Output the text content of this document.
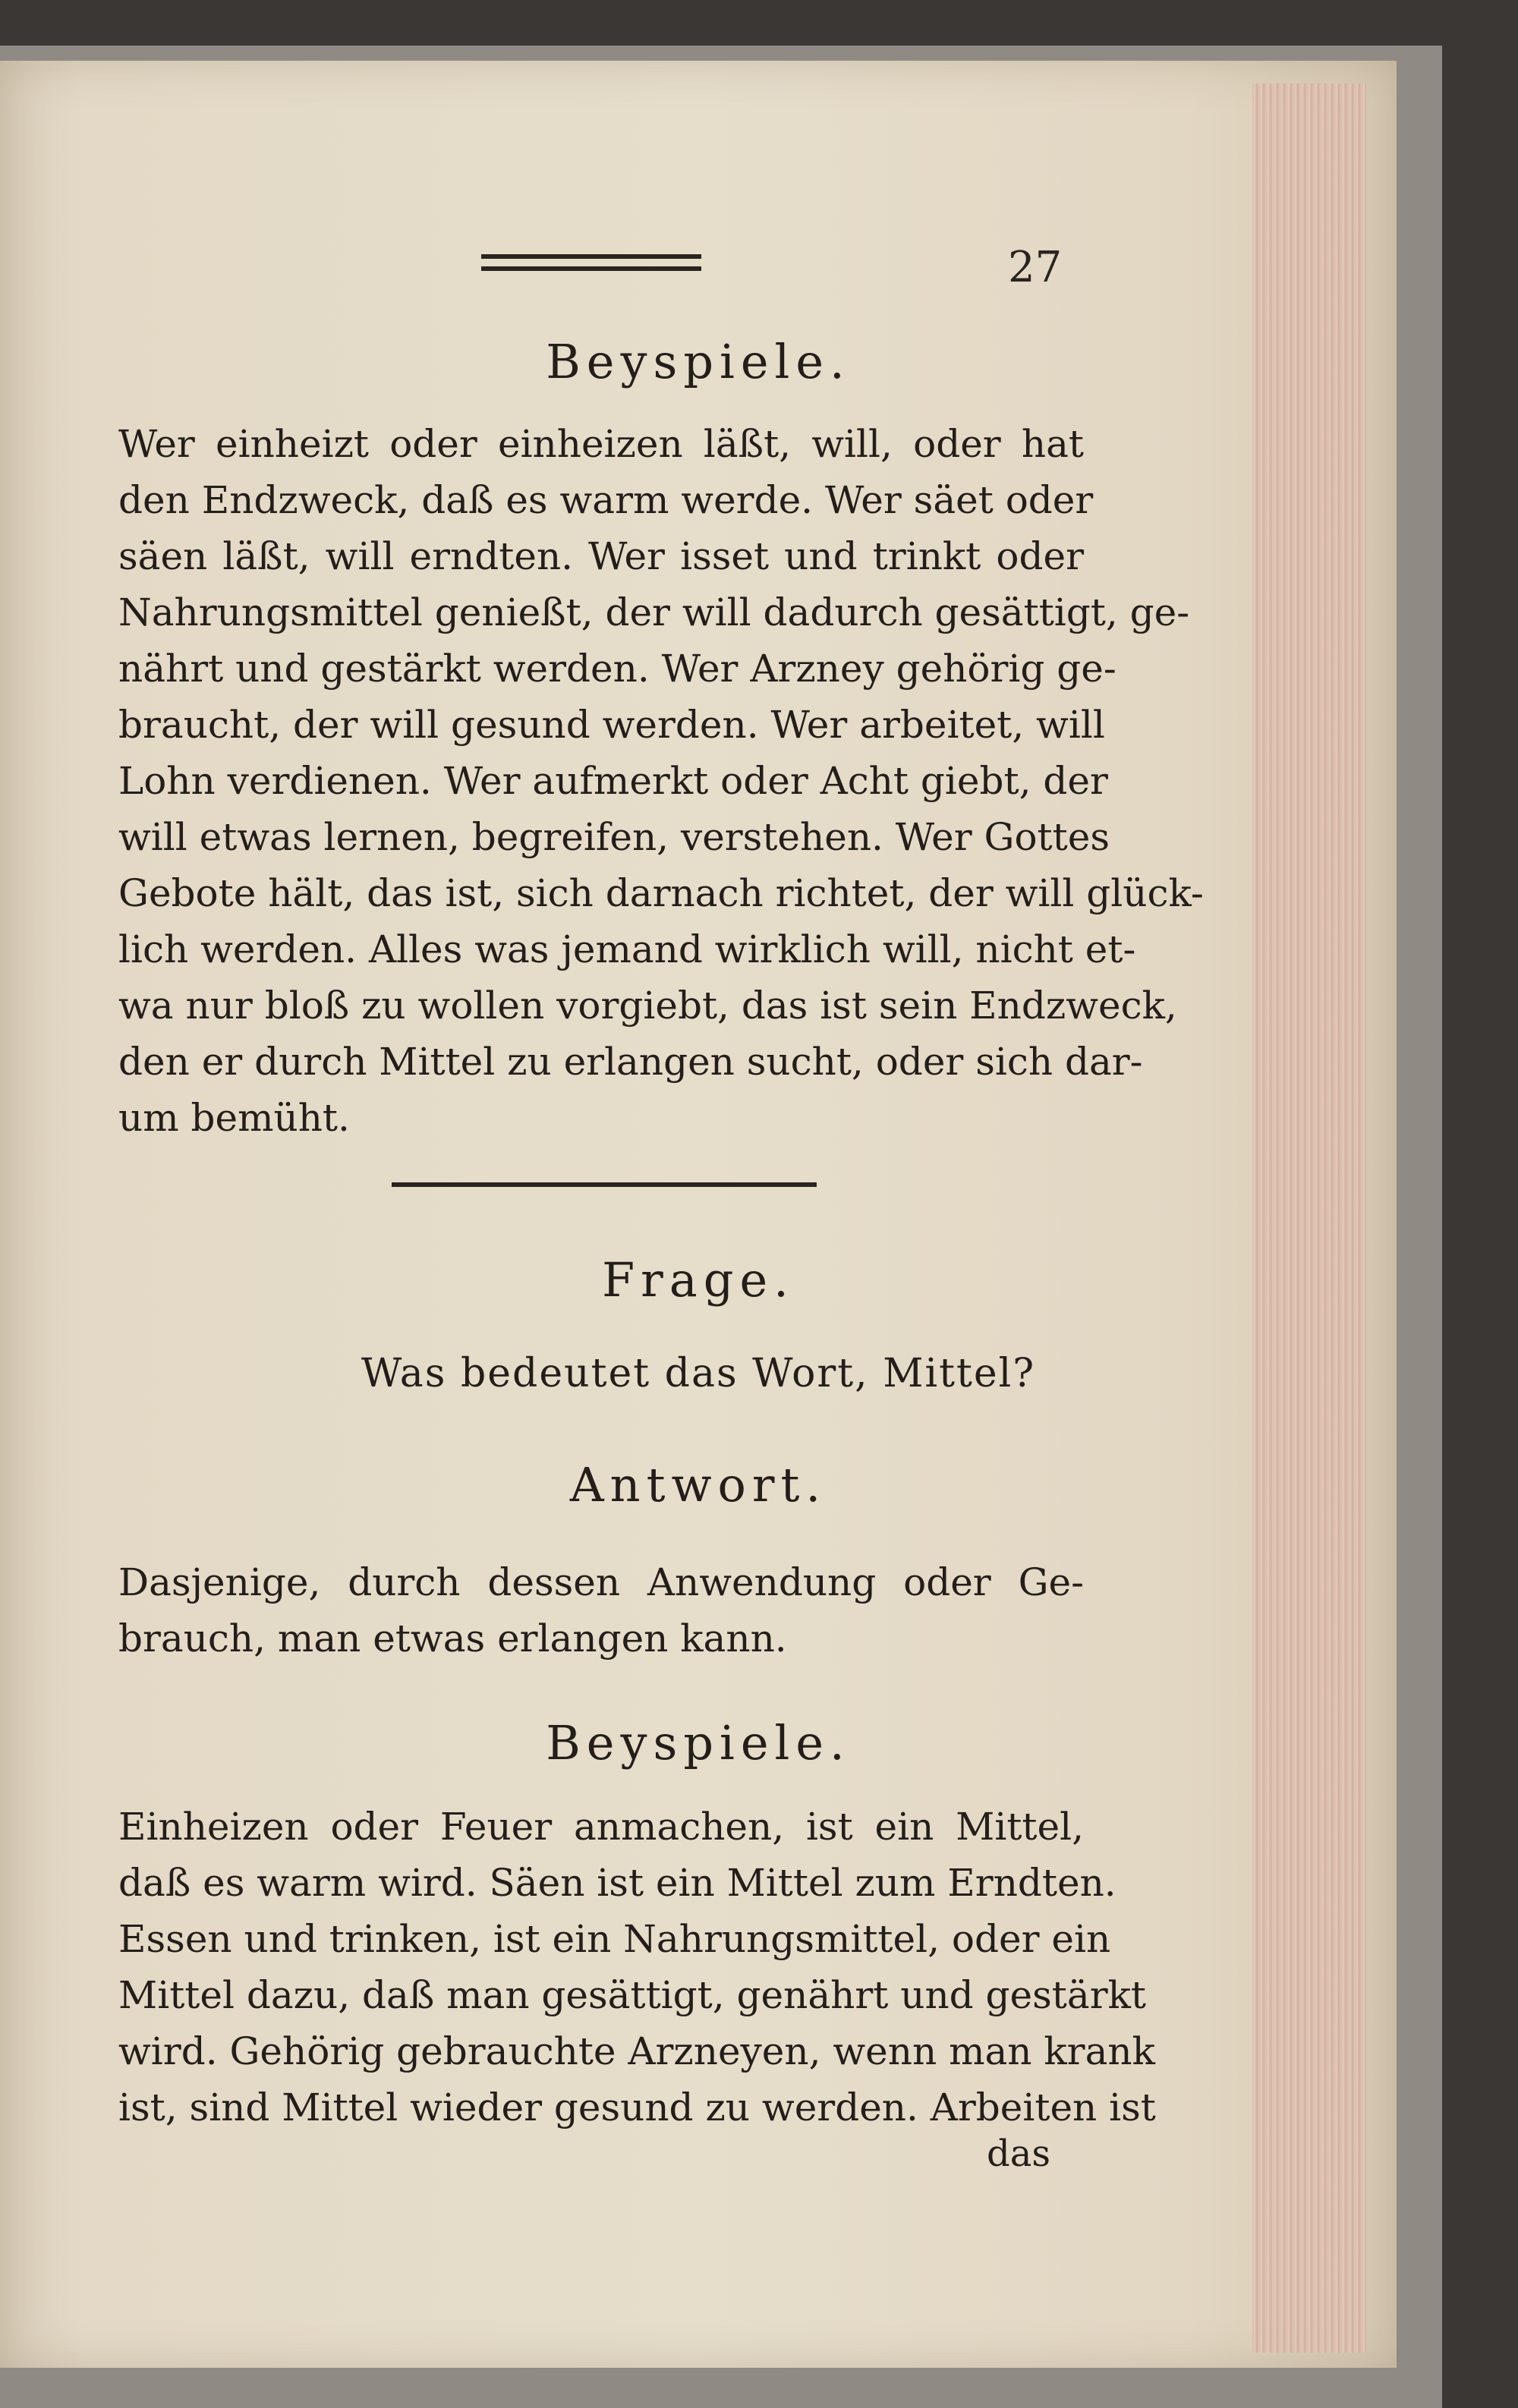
27
Beyspiele.
Wer einheizt oder einheizen läßt, will, oder hat
den Endzweck, daß es warm werde. Wer säet oder
säen läßt, will erndten. Wer isset und trinkt oder
Nahrungsmittel genießt, der will dadurch gesättigt, ge-
nährt und gestärkt werden. Wer Arzney gehörig ge-
braucht, der will gesund werden. Wer arbeitet, will
Lohn verdienen. Wer aufmerkt oder Acht giebt, der
will etwas lernen, begreifen, verstehen. Wer Gottes
Gebote hält, das ist, sich darnach richtet, der will glück-
lich werden. Alles was jemand wirklich will, nicht et-
wa nur bloß zu wollen vorgiebt, das ist sein Endzweck,
den er durch Mittel zu erlangen sucht, oder sich dar-
um bemüht.
Frage.
Was bedeutet das Wort, Mittel?
Antwort.
Dasjenige, durch dessen Anwendung oder Ge-
brauch, man etwas erlangen kann.
Beyspiele.
Einheizen oder Feuer anmachen, ist ein Mittel,
daß es warm wird. Säen ist ein Mittel zum Erndten.
Essen und trinken, ist ein Nahrungsmittel, oder ein
Mittel dazu, daß man gesättigt, genährt und gestärkt
wird. Gehörig gebrauchte Arzneyen, wenn man krank
ist, sind Mittel wieder gesund zu werden. Arbeiten ist
das
